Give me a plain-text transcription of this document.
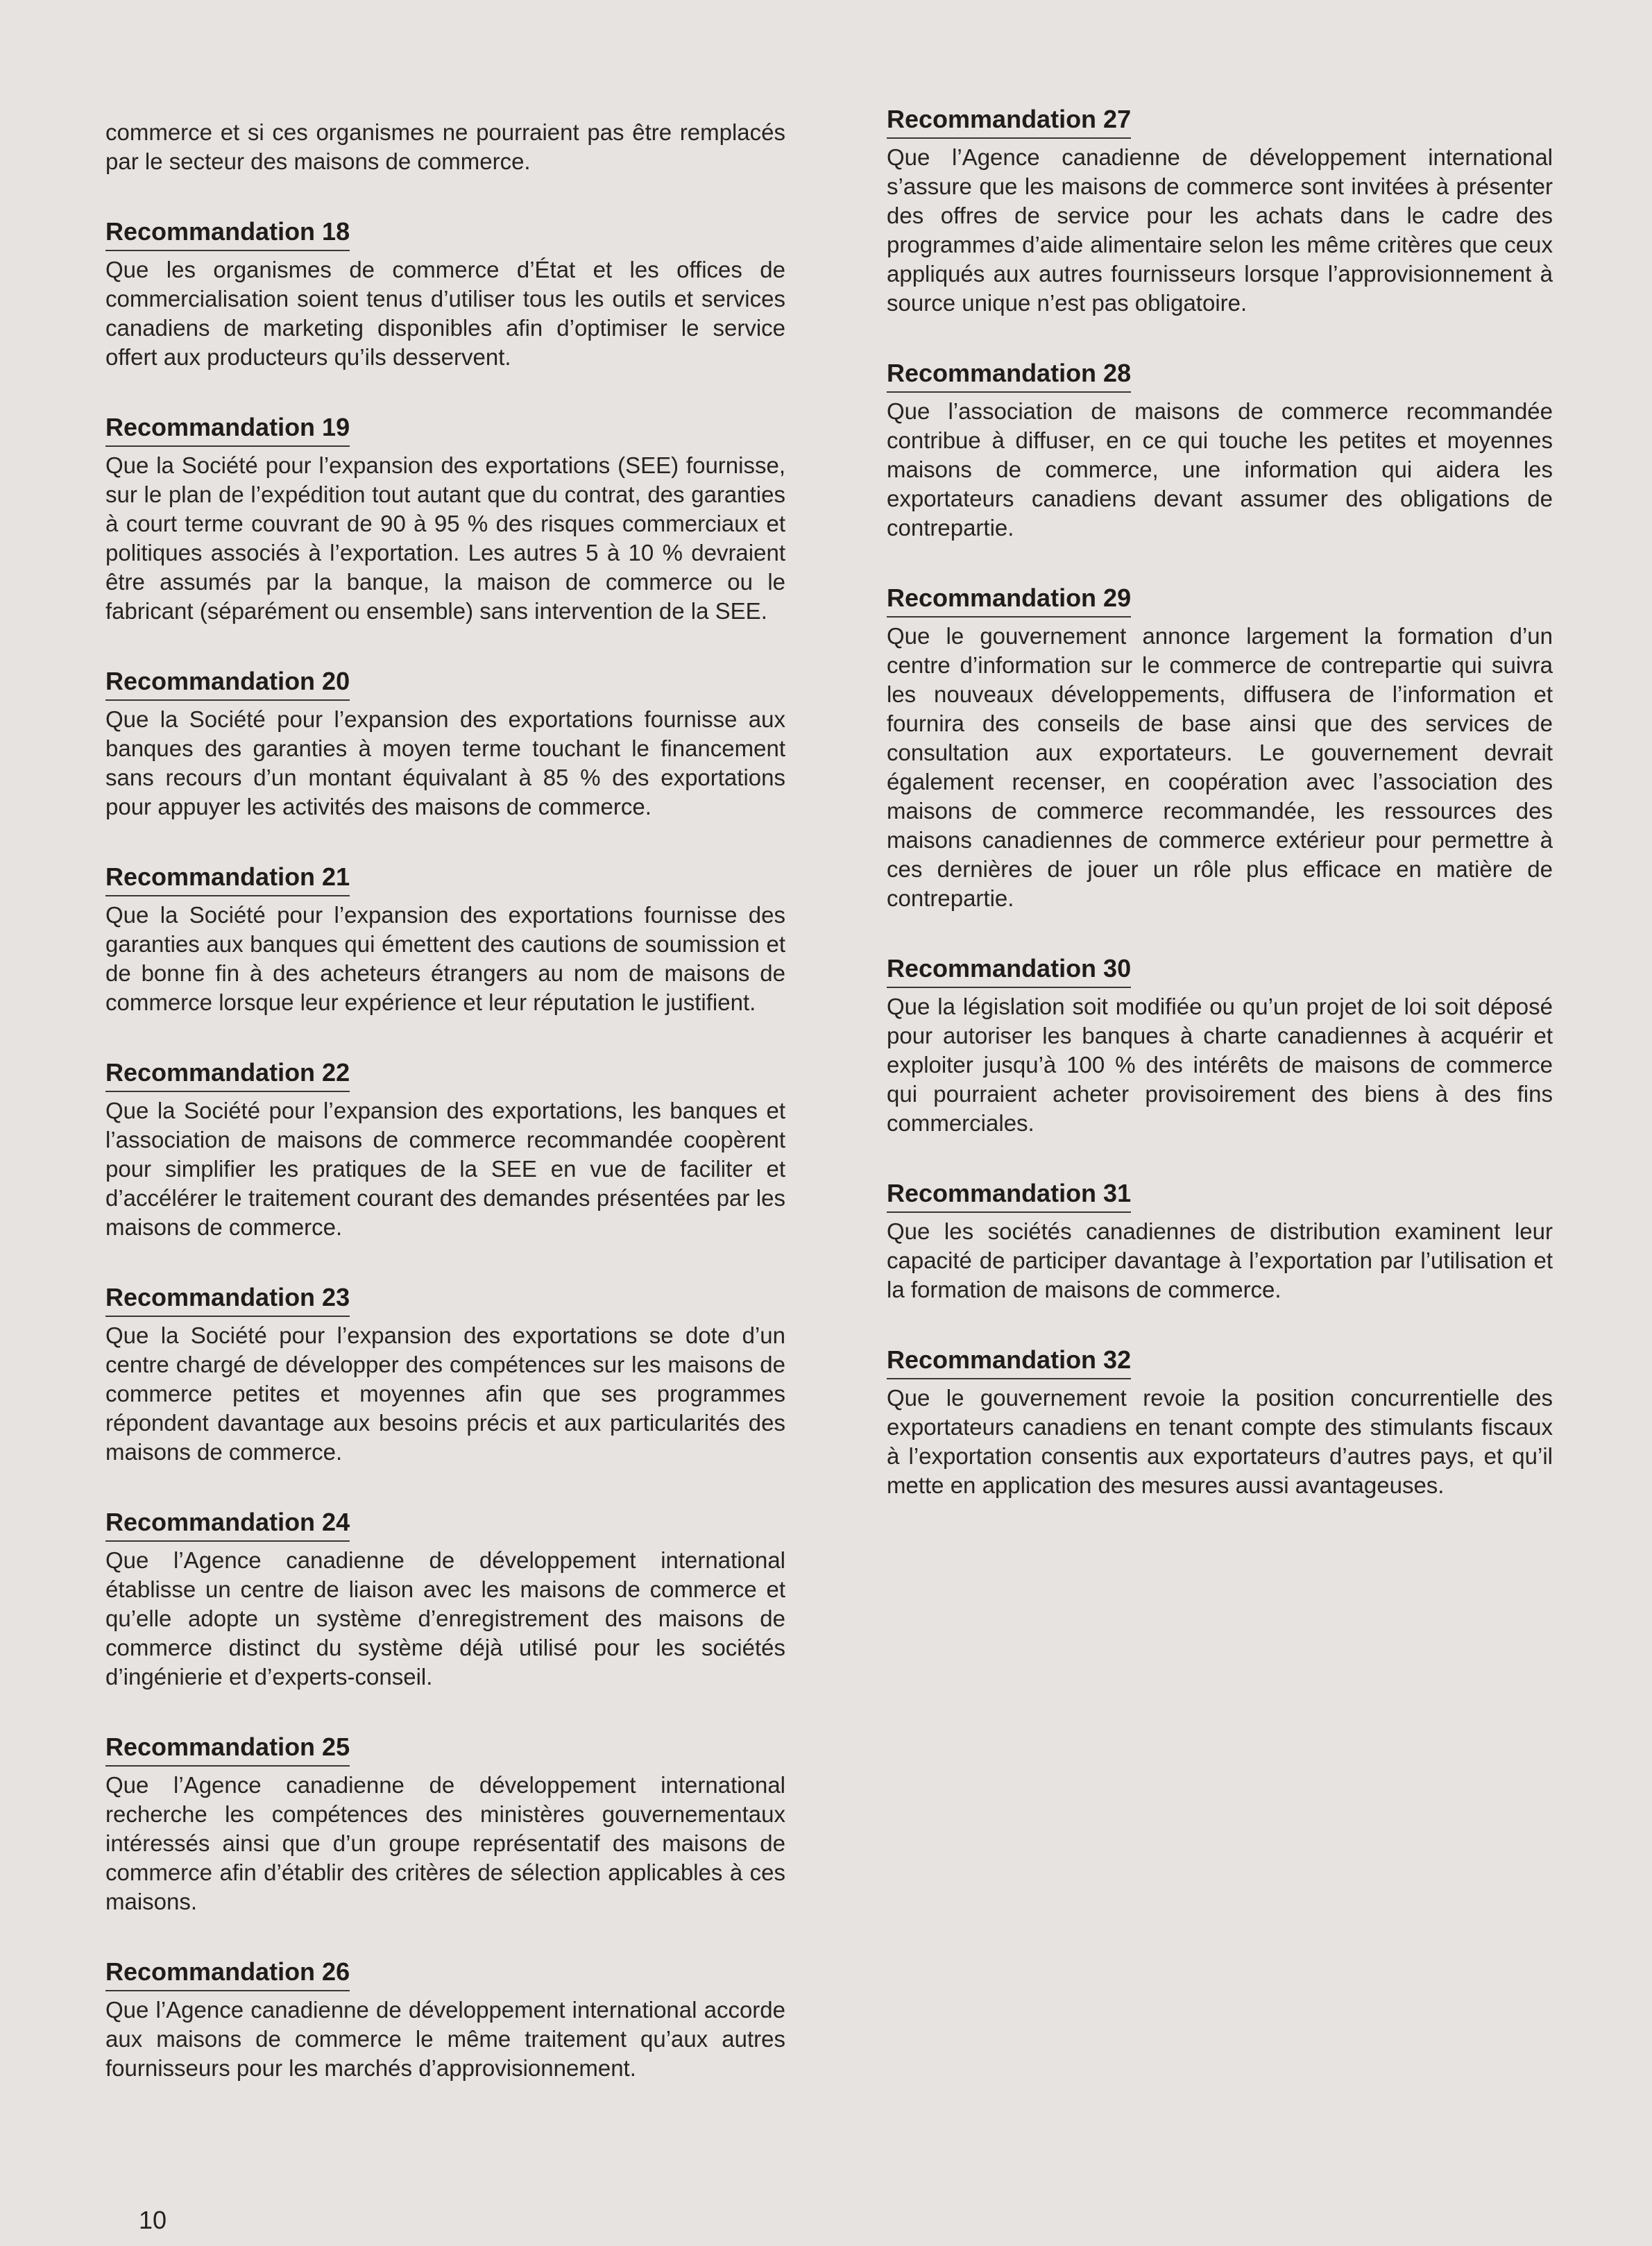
commerce et si ces organismes ne pourraient pas être remplacés par le secteur des maisons de commerce.

Recommandation 18

Que les organismes de commerce d’État et les offices de commercialisation soient tenus d’utiliser tous les outils et services canadiens de marketing disponibles afin d’optimiser le service offert aux producteurs qu’ils desservent.

Recommandation 19

Que la Société pour l’expansion des exportations (SEE) fournisse, sur le plan de l’expédition tout autant que du contrat, des garanties à court terme couvrant de 90 à 95 % des risques commerciaux et politiques associés à l’exportation. Les autres 5 à 10 % devraient être assumés par la banque, la maison de commerce ou le fabricant (séparément ou ensemble) sans intervention de la SEE.

Recommandation 20

Que la Société pour l’expansion des exportations fournisse aux banques des garanties à moyen terme touchant le financement sans recours d’un montant équivalant à 85 % des exportations pour appuyer les activités des maisons de commerce.

Recommandation 21

Que la Société pour l’expansion des exportations fournisse des garanties aux banques qui émettent des cautions de soumission et de bonne fin à des acheteurs étrangers au nom de maisons de commerce lorsque leur expérience et leur réputation le justifient.

Recommandation 22

Que la Société pour l’expansion des exportations, les banques et l’association de maisons de commerce recommandée coopèrent pour simplifier les pratiques de la SEE en vue de faciliter et d’accélérer le traitement courant des demandes présentées par les maisons de commerce.

Recommandation 23

Que la Société pour l’expansion des exportations se dote d’un centre chargé de développer des compétences sur les maisons de commerce petites et moyennes afin que ses programmes répondent davantage aux besoins précis et aux particularités des maisons de commerce.

Recommandation 24

Que l’Agence canadienne de développement international établisse un centre de liaison avec les maisons de commerce et qu’elle adopte un système d’enregistrement des maisons de commerce distinct du système déjà utilisé pour les sociétés d’ingénierie et d’experts-conseil.

Recommandation 25

Que l’Agence canadienne de développement international recherche les compétences des ministères gouvernementaux intéressés ainsi que d’un groupe représentatif des maisons de commerce afin d’établir des critères de sélection applicables à ces maisons.

Recommandation 26

Que l’Agence canadienne de développement international accorde aux maisons de commerce le même traitement qu’aux autres fournisseurs pour les marchés d’approvisionnement.

Recommandation 27

Que l’Agence canadienne de développement international s’assure que les maisons de commerce sont invitées à présenter des offres de service pour les achats dans le cadre des programmes d’aide alimentaire selon les même critères que ceux appliqués aux autres fournisseurs lorsque l’approvisionnement à source unique n’est pas obligatoire.

Recommandation 28

Que l’association de maisons de commerce recommandée contribue à diffuser, en ce qui touche les petites et moyennes maisons de commerce, une information qui aidera les exportateurs canadiens devant assumer des obligations de contrepartie.

Recommandation 29

Que le gouvernement annonce largement la formation d’un centre d’information sur le commerce de contrepartie qui suivra les nouveaux développements, diffusera de l’information et fournira des conseils de base ainsi que des services de consultation aux exportateurs. Le gouvernement devrait également recenser, en coopération avec l’association des maisons de commerce recommandée, les ressources des maisons canadiennes de commerce extérieur pour permettre à ces dernières de jouer un rôle plus efficace en matière de contrepartie.

Recommandation 30

Que la législation soit modifiée ou qu’un projet de loi soit déposé pour autoriser les banques à charte canadiennes à acquérir et exploiter jusqu’à 100 % des intérêts de maisons de commerce qui pourraient acheter provisoirement des biens à des fins commerciales.

Recommandation 31

Que les sociétés canadiennes de distribution examinent leur capacité de participer davantage à l’exportation par l’utilisation et la formation de maisons de commerce.

Recommandation 32

Que le gouvernement revoie la position concurrentielle des exportateurs canadiens en tenant compte des stimulants fiscaux à l’exportation consentis aux exportateurs d’autres pays, et qu’il mette en application des mesures aussi avantageuses.

10
